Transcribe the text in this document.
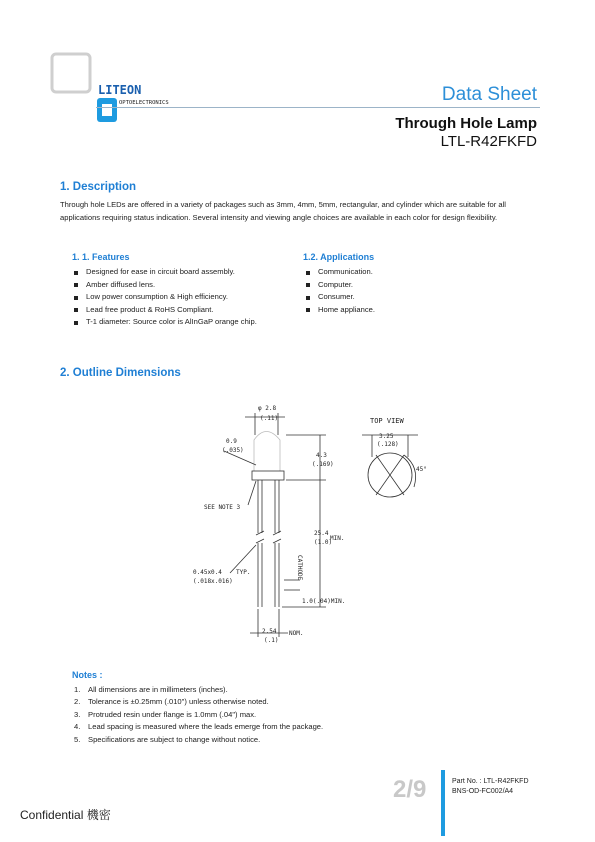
LITEON
OPTOELECTRONICS	Data Sheet
Through Hole Lamp
LTL-R42FKFD
1. Description
Through hole LEDs are offered in a variety of packages such as 3mm, 4mm, 5mm, rectangular, and cylinder which are suitable for all applications requiring status indication. Several intensity and viewing angle choices are available in each color for design flexibility.
1. 1. Features
Designed for ease in circuit board assembly.
Amber diffused lens.
Low power consumption & High efficiency.
Lead free product & RoHS Compliant.
T-1 diameter: Source color is AlInGaP orange chip.
1.2. Applications
Communication.
Computer.
Consumer.
Home appliance.
2. Outline Dimensions
φ 2.8
(.11)
0.9
(.035)
4.3
(.169)
SEE NOTE 3
25.4
(1.0)
MIN.
0.45x0.4
(.018x.016)
TYP.
1.0(.04)MIN.
2.54
(.1)
NOM.
TOP VIEW
3.25
(.128)
45°
CATHODE
Notes :
1. All dimensions are in millimeters (inches).
2. Tolerance is ±0.25mm (.010") unless otherwise noted.
3. Protruded resin under flange is 1.0mm (.04") max.
4. Lead spacing is measured where the leads emerge from the package.
5. Specifications are subject to change without notice.
2/9	Part No. : LTL-R42FKFD
BNS-OD-FC002/A4
Confidential 機密
